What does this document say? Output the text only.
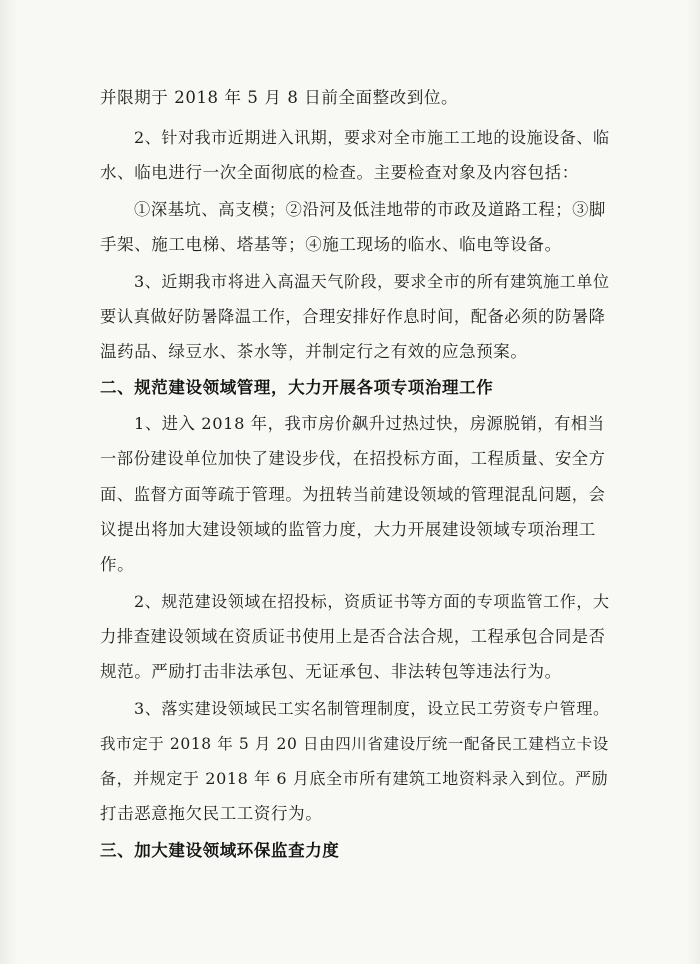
并限期于 2018 年 5 月 8 日前全面整改到位。
2、针对我市近期进入讯期，要求对全市施工工地的设施设备、临
水、临电进行一次全面彻底的检查。主要检查对象及内容包括：
①深基坑、高支模；②沿河及低洼地带的市政及道路工程；③脚
手架、施工电梯、塔基等；④施工现场的临水、临电等设备。
3、近期我市将进入高温天气阶段，要求全市的所有建筑施工单位
要认真做好防暑降温工作，合理安排好作息时间，配备必须的防暑降
温药品、绿豆水、茶水等，并制定行之有效的应急预案。
二、规范建设领域管理，大力开展各项专项治理工作
1、进入 2018 年，我市房价飙升过热过快，房源脱销，有相当
一部份建设单位加快了建设步伐，在招投标方面，工程质量、安全方
面、监督方面等疏于管理。为扭转当前建设领域的管理混乱问题，会
议提出将加大建设领域的监管力度，大力开展建设领域专项治理工
作。
2、规范建设领域在招投标，资质证书等方面的专项监管工作，大
力排查建设领域在资质证书使用上是否合法合规，工程承包合同是否
规范。严励打击非法承包、无证承包、非法转包等违法行为。
3、落实建设领域民工实名制管理制度，设立民工劳资专户管理。
我市定于 2018 年 5 月 20 日由四川省建设厅统一配备民工建档立卡设
备，并规定于 2018 年 6 月底全市所有建筑工地资料录入到位。严励
打击恶意拖欠民工工资行为。
三、加大建设领域环保监查力度
